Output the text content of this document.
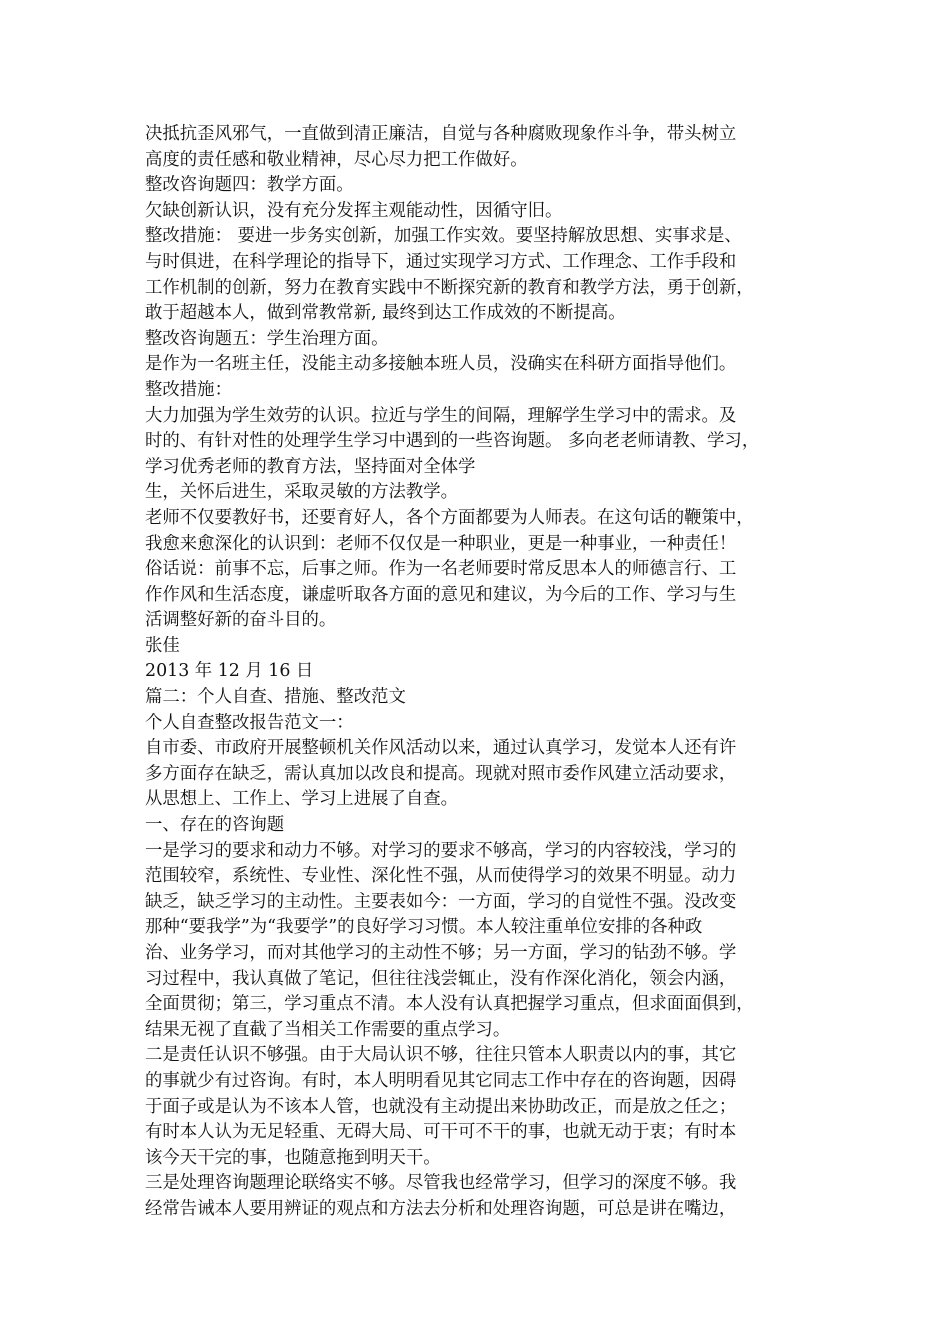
决抵抗歪风邪气，一直做到清正廉洁，自觉与各种腐败现象作斗争，带头树立
高度的责任感和敬业精神，尽心尽力把工作做好。
整改咨询题四：教学方面。
欠缺创新认识，没有充分发挥主观能动性，因循守旧。
整改措施： 要进一步务实创新，加强工作实效。要坚持解放思想、实事求是、
与时俱进，在科学理论的指导下，通过实现学习方式、工作理念、工作手段和
工作机制的创新，努力在教育实践中不断探究新的教育和教学方法，勇于创新，
敢于超越本人，做到常教常新, 最终到达工作成效的不断提高。
整改咨询题五：学生治理方面。
是作为一名班主任，没能主动多接触本班人员，没确实在科研方面指导他们。
整改措施：
大力加强为学生效劳的认识。拉近与学生的间隔，理解学生学习中的需求。及
时的、有针对性的处理学生学习中遇到的一些咨询题。 多向老老师请教、学习，
学习优秀老师的教育方法，坚持面对全体学
生，关怀后进生，采取灵敏的方法教学。
老师不仅要教好书，还要育好人，各个方面都要为人师表。在这句话的鞭策中，
我愈来愈深化的认识到：老师不仅仅是一种职业，更是一种事业，一种责任！
俗话说：前事不忘，后事之师。作为一名老师要时常反思本人的师德言行、工
作作风和生活态度，谦虚听取各方面的意见和建议，为今后的工作、学习与生
活调整好新的奋斗目的。
张佳
2013 年 12 月 16 日
篇二：个人自查、措施、整改范文
个人自查整改报告范文一：
自市委、市政府开展整顿机关作风活动以来，通过认真学习，发觉本人还有许
多方面存在缺乏，需认真加以改良和提高。现就对照市委作风建立活动要求，
从思想上、工作上、学习上进展了自查。
一、存在的咨询题
一是学习的要求和动力不够。对学习的要求不够高，学习的内容较浅，学习的
范围较窄，系统性、专业性、深化性不强，从而使得学习的效果不明显。动力
缺乏，缺乏学习的主动性。主要表如今：一方面，学习的自觉性不强。没改变
那种“要我学”为“我要学”的良好学习习惯。本人较注重单位安排的各种政
治、业务学习，而对其他学习的主动性不够；另一方面，学习的钻劲不够。学
习过程中，我认真做了笔记，但往往浅尝辄止，没有作深化消化，领会内涵，
全面贯彻；第三，学习重点不清。本人没有认真把握学习重点，但求面面俱到，
结果无视了直截了当相关工作需要的重点学习。
二是责任认识不够强。由于大局认识不够，往往只管本人职责以内的事，其它
的事就少有过咨询。有时，本人明明看见其它同志工作中存在的咨询题，因碍
于面子或是认为不该本人管，也就没有主动提出来协助改正，而是放之任之；
有时本人认为无足轻重、无碍大局、可干可不干的事，也就无动于衷；有时本
该今天干完的事，也随意拖到明天干。
三是处理咨询题理论联络实不够。尽管我也经常学习，但学习的深度不够。我
经常告诫本人要用辨证的观点和方法去分析和处理咨询题，可总是讲在嘴边，
